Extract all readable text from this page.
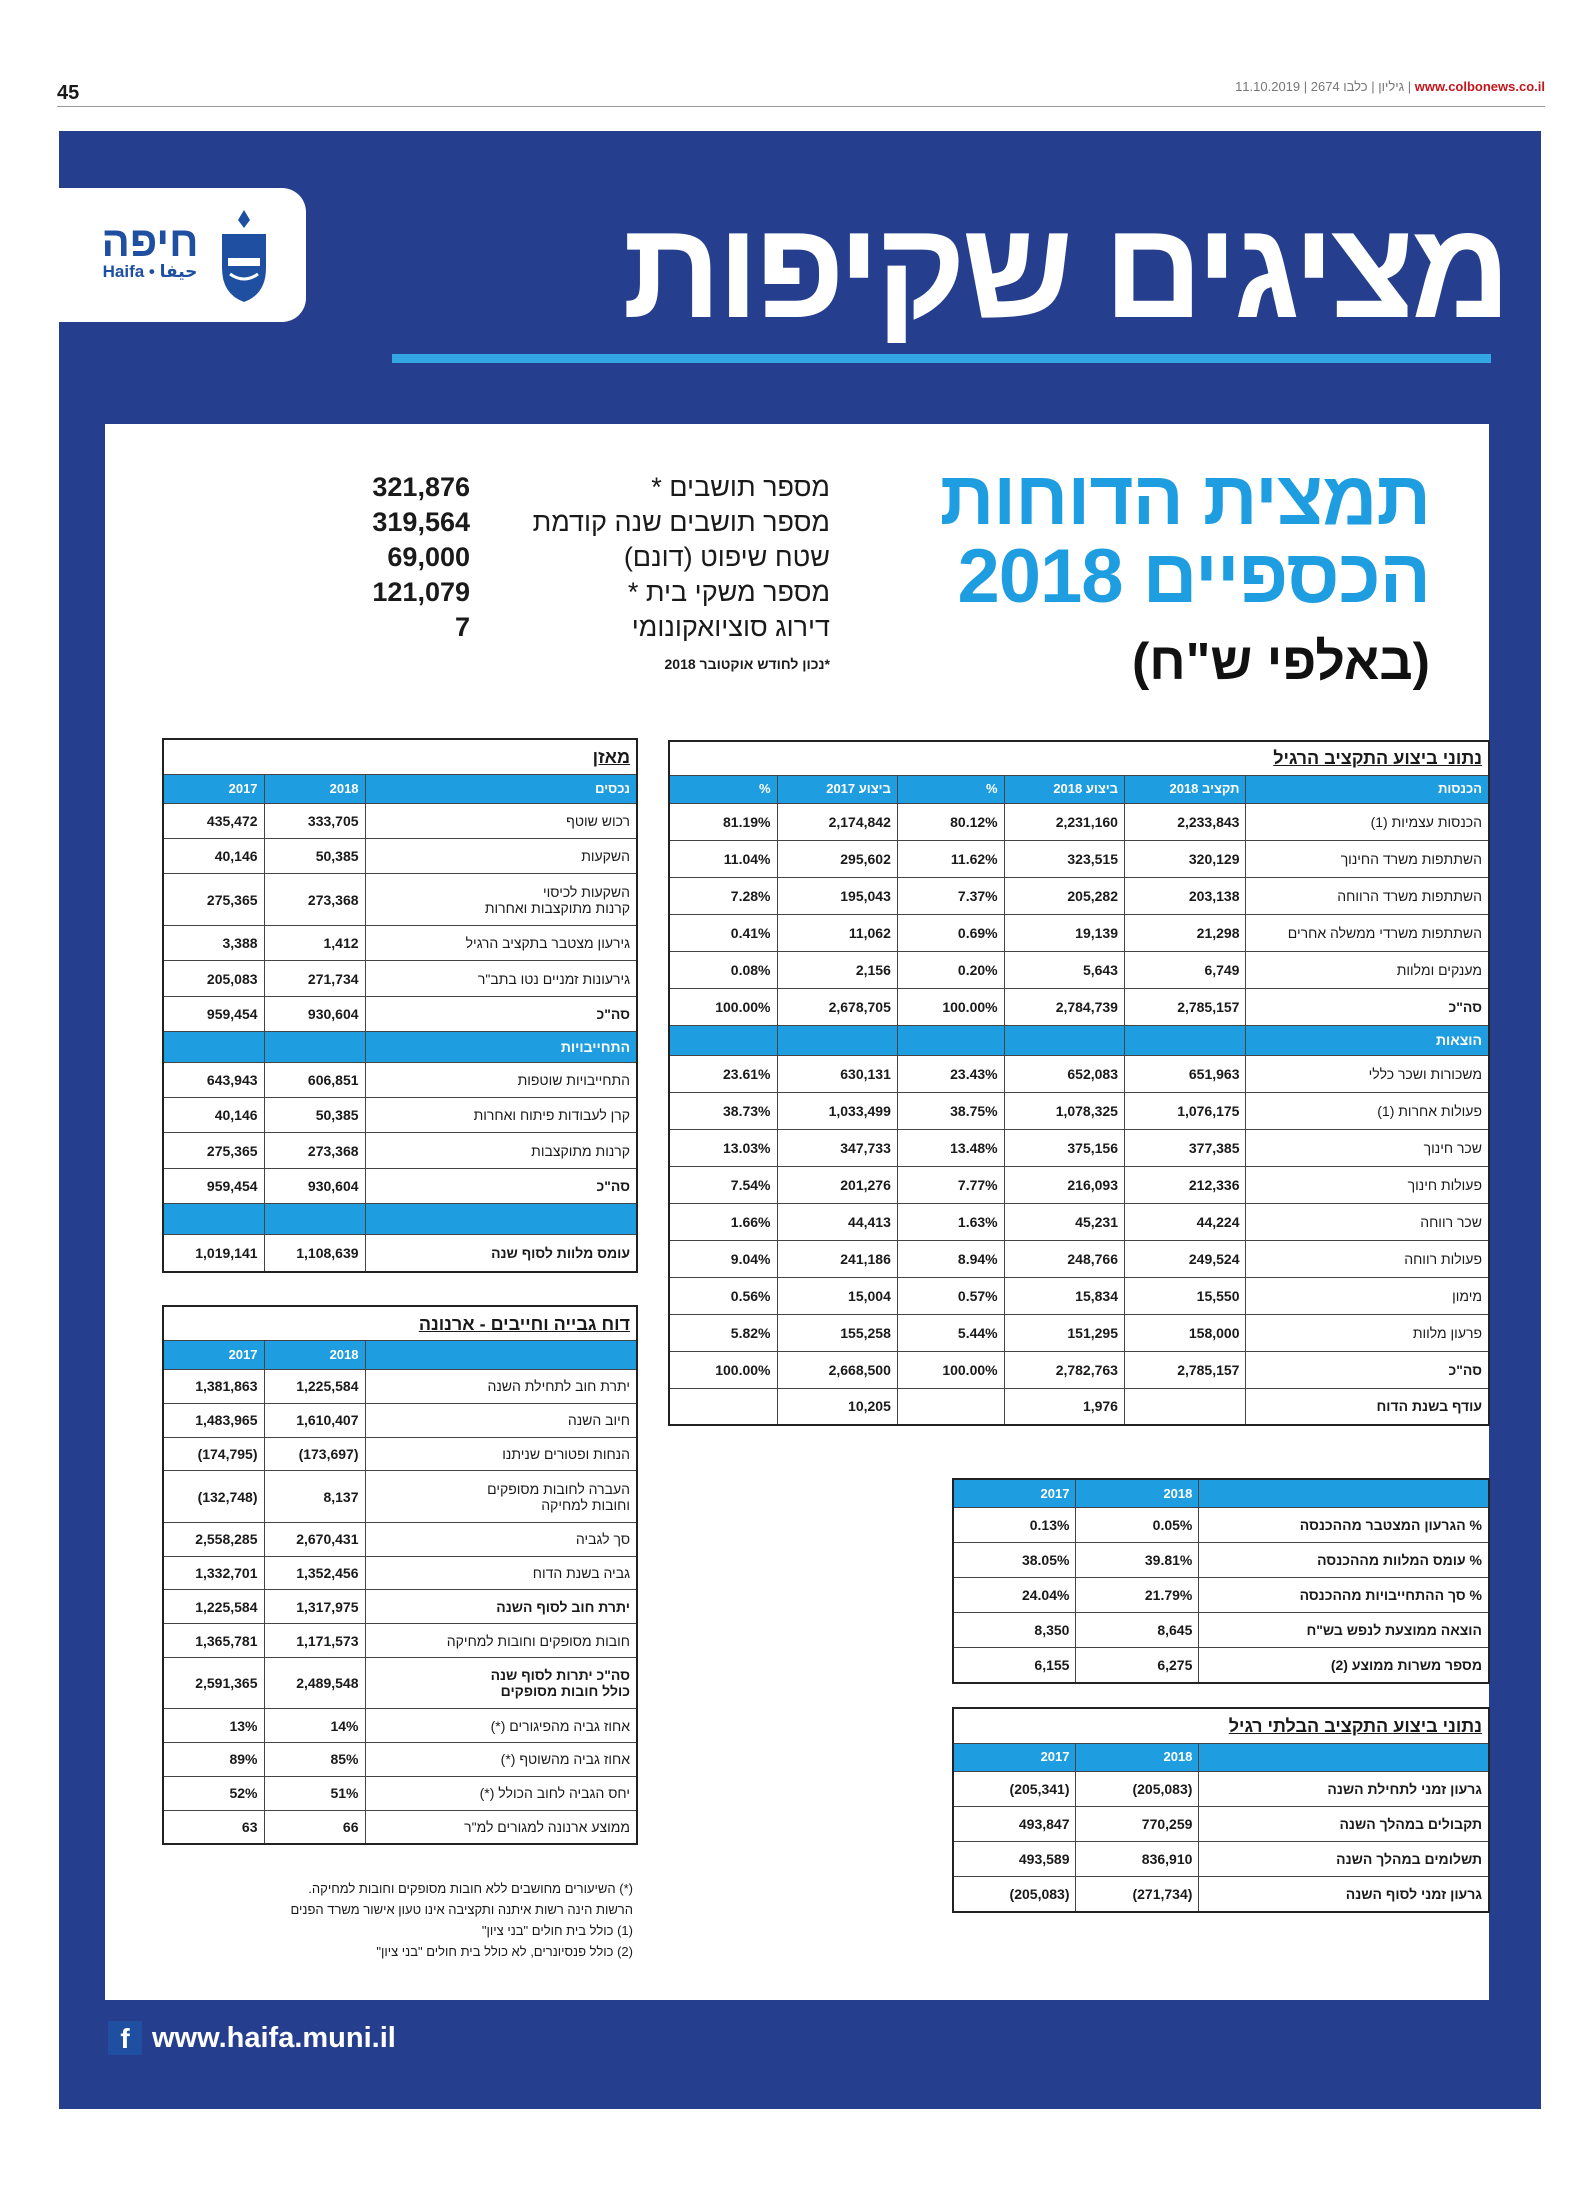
45	11.10.2019 | 2674 גיליון | כלבו | www.colbonews.co.il
חיפה
Haifa • حيفا	מציגים שקיפות
תמצית הדוחות
הכספיים 2018
(באלפי ש"ח)
מספר תושבים *
321,876
מספר תושבים שנה קודמת
319,564
שטח שיפוט (דונם)
69,000
מספר משקי בית *
121,079
דירוג סוציואקונומי
7
*נכון לחודש אוקטובר 2018
נתוני ביצוע התקציב הרגיל					
הכנסות	תקציב 2018	ביצוע 2018	%	ביצוע 2017	%
הכנסות עצמיות (1)	2,233,843	2,231,160	80.12%	2,174,842	81.19%
השתתפות משרד החינוך	320,129	323,515	11.62%	295,602	11.04%
השתתפות משרד הרווחה	203,138	205,282	7.37%	195,043	7.28%
השתתפות משרדי ממשלה אחרים	21,298	19,139	0.69%	11,062	0.41%
מענקים ומלוות	6,749	5,643	0.20%	2,156	0.08%
סה"כ	2,785,157	2,784,739	100.00%	2,678,705	100.00%
הוצאות					
משכורות ושכר כללי	651,963	652,083	23.43%	630,131	23.61%
פעולות אחרות (1)	1,076,175	1,078,325	38.75%	1,033,499	38.73%
שכר חינוך	377,385	375,156	13.48%	347,733	13.03%
פעולות חינוך	212,336	216,093	7.77%	201,276	7.54%
שכר רווחה	44,224	45,231	1.63%	44,413	1.66%
פעולות רווחה	249,524	248,766	8.94%	241,186	9.04%
מימון	15,550	15,834	0.57%	15,004	0.56%
פרעון מלוות	158,000	151,295	5.44%	155,258	5.82%
סה"כ	2,785,157	2,782,763	100.00%	2,668,500	100.00%
עודף בשנת הדוח		1,976		10,205	
	2018	2017
% הגרעון המצטבר מההכנסה	0.05%	0.13%
% עומס המלוות מההכנסה	39.81%	38.05%
% סך ההתחייבויות מההכנסה	21.79%	24.04%
הוצאה ממוצעת לנפש בש"ח	8,645	8,350
מספר משרות ממוצע (2)	6,275	6,155
נתוני ביצוע התקציב הבלתי רגיל		
	2018	2017
גרעון זמני לתחילת השנה	(205,083)	(205,341)
תקבולים במהלך השנה	770,259	493,847
תשלומים במהלך השנה	836,910	493,589
גרעון זמני לסוף השנה	(271,734)	(205,083)
מאזן		
נכסים	2018	2017
רכוש שוטף	333,705	435,472
השקעות	50,385	40,146
השקעות לכיסוי
קרנות מתוקצבות ואחרות	273,368	275,365
גירעון מצטבר בתקציב הרגיל	1,412	3,388
גירעונות זמניים נטו בתב"ר	271,734	205,083
סה"כ	930,604	959,454
התחייבויות		
התחייבויות שוטפות	606,851	643,943
קרן לעבודות פיתוח ואחרות	50,385	40,146
קרנות מתוקצבות	273,368	275,365
סה"כ	930,604	959,454

עומס מלוות לסוף שנה	1,108,639	1,019,141
דוח גבייה וחייבים - ארנונה		
	2018	2017
יתרת חוב לתחילת השנה	1,225,584	1,381,863
חיוב השנה	1,610,407	1,483,965
הנחות ופטורים שניתנו	(173,697)	(174,795)
העברה לחובות מסופקים
וחובות למחיקה	8,137	(132,748)
סך לגביה	2,670,431	2,558,285
גביה בשנת הדוח	1,352,456	1,332,701
יתרת חוב לסוף השנה	1,317,975	1,225,584
חובות מסופקים וחובות למחיקה	1,171,573	1,365,781
סה"כ יתרות לסוף שנה
כולל חובות מסופקים	2,489,548	2,591,365
אחוז גביה מהפיגורים (*)	14%	13%
אחוז גביה מהשוטף (*)	85%	89%
יחס הגביה לחוב הכולל (*)	51%	52%
ממוצע ארנונה למגורים למ"ר	66	63
(*) השיעורים מחושבים ללא חובות מסופקים וחובות למחיקה.
הרשות הינה רשות איתנה ותקציבה אינו טעון אישור משרד הפנים
(1) כולל בית חולים "בני ציון"
(2) כולל פנסיונרים, לא כולל בית חולים "בני ציון"
f www.haifa.muni.il
